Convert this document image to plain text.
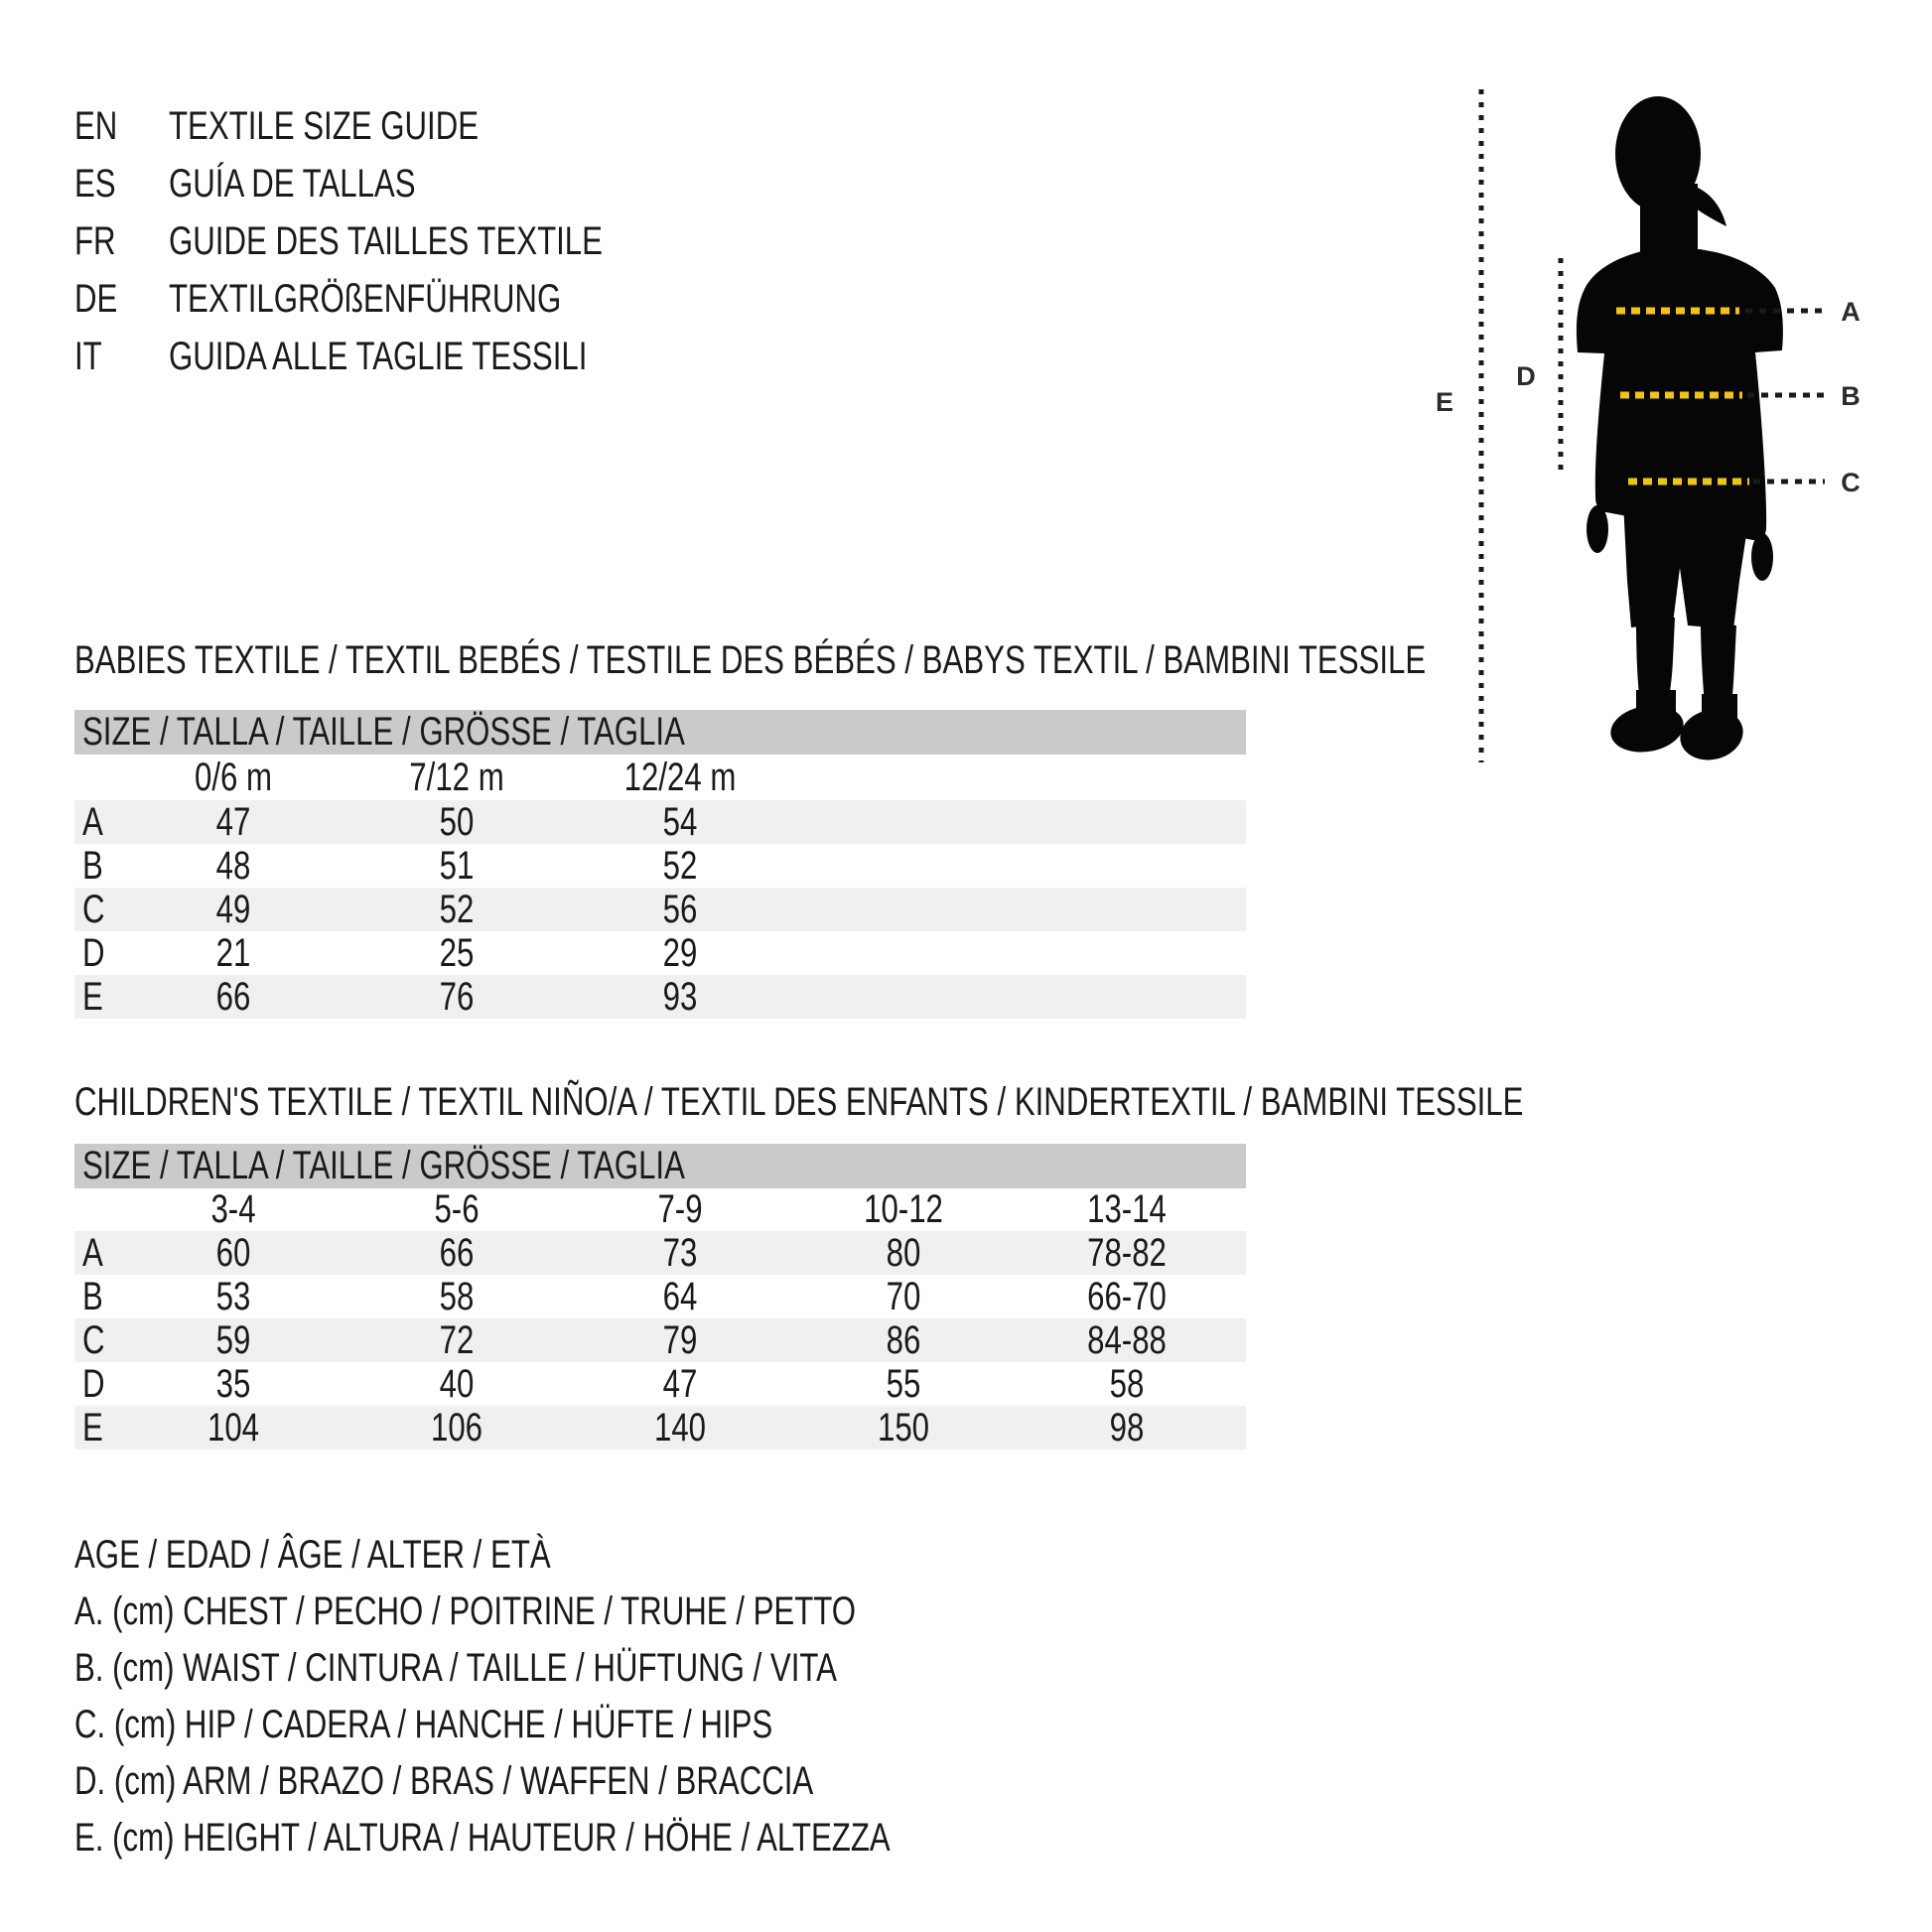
EN	TEXTILE SIZE GUIDE
ES GUÍA DE TALLAS
FR GUIDE DES TAILLES TEXTILE
DE	TEXTILGRÖßENFÜHRUNG
IT GUIDA ALLE TAGLIE TESSILI
A
B
C
D
E
BABIES TEXTILE / TEXTIL BEBÉS / TESTILE DES BÉBÉS / BABYS TEXTIL / BAMBINI TESSILE
SIZE / TALLA / TAILLE / GRÖSSE / TAGLIA
0/6 m	7/12 m	12/24 m
A	47	50	54
B	48	51	52
C	49	52	56
D	21	25	29
E	66	76	93
CHILDREN'S TEXTILE / TEXTIL NIÑO/A / TEXTIL DES ENFANTS / KINDERTEXTIL / BAMBINI TESSILE
SIZE / TALLA / TAILLE / GRÖSSE / TAGLIA
3-4	5-6	7-9	10-12	13-14
A	60	66	73	80	78-82
B	53	58	64	70	66-70
C	59	72	79	86	84-88
D	35	40	47	55	58
E	104	106	140	150	98
AGE / EDAD / ÂGE / ALTER / ETÀ
A. (cm) CHEST / PECHO / POITRINE / TRUHE / PETTO
B. (cm) WAIST / CINTURA / TAILLE / HÜFTUNG / VITA
C. (cm) HIP / CADERA / HANCHE / HÜFTE / HIPS
D. (cm) ARM / BRAZO / BRAS / WAFFEN / BRACCIA
E. (cm) HEIGHT / ALTURA / HAUTEUR / HÖHE / ALTEZZA
